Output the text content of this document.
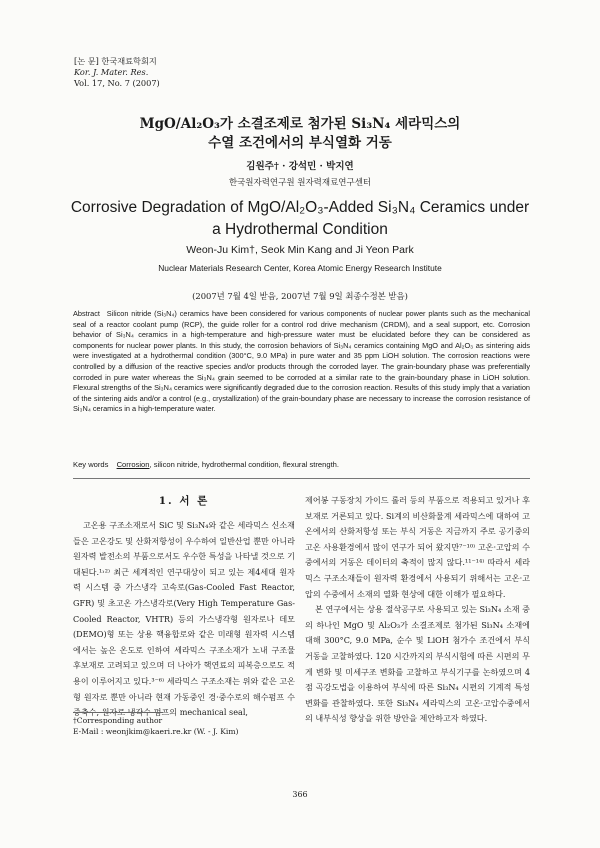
[논 문] 한국재료학회지
Kor. J. Mater. Res.
Vol. 17, No. 7 (2007)
MgO/Al₂O₃가 소결조제로 첨가된 Si₃N₄ 세라믹스의
수열 조건에서의 부식열화 거동
김원주† · 강석민 · 박지연
한국원자력연구원 원자력재료연구센터
Corrosive Degradation of MgO/Al₂O₃-Added Si₃N₄ Ceramics under
a Hydrothermal Condition
Weon-Ju Kim†, Seok Min Kang and Ji Yeon Park
Nuclear Materials Research Center, Korea Atomic Energy Research Institute
(2007년 7월 4일 받음, 2007년 7월 9일 최종수정본 받음)
Abstract Silicon nitride (Si₃N₄) ceramics have been considered for various components of nuclear power plants such as the mechanical seal of a reactor coolant pump (RCP), the guide roller for a control rod drive mechanism (CRDM), and a seal support, etc. Corrosion behavior of Si₃N₄ ceramics in a high-temperature and high-pressure water must be elucidated before they can be considered as components for nuclear power plants. In this study, the corrosion behaviors of Si₃N₄ ceramics containing MgO and Al₂O₃ as sintering aids were investigated at a hydrothermal condition (300°C, 9.0 MPa) in pure water and 35 ppm LiOH solution. The corrosion reactions were controlled by a diffusion of the reactive species and/or products through the corroded layer. The grain-boundary phase was preferentially corroded in pure water whereas the Si₃N₄ grain seemed to be corroded at a similar rate to the grain-boundary phase in LiOH solution. Flexural strengths of the Si₃N₄ ceramics were significantly degraded due to the corrosion reaction. Results of this study imply that a variation of the sintering aids and/or a control (e.g., crystallization) of the grain-boundary phase are necessary to increase the corrosion resistance of Si₃N₄ ceramics in a high-temperature water.
Key words Corrosion, silicon nitride, hydrothermal condition, flexural strength.
1. 서 론

고온용 구조소재로서 SiC 및 Si₃N₄와 같은 세라믹스 신소재들은 고온강도 및 산화저항성이 우수하여 일반산업 뿐만 아니라 원자력 발전소의 부품으로서도 우수한 특성을 나타낼 것으로 기대된다.¹˒²⁾ 최근 세계적인 연구대상이 되고 있는 제4세대 원자력 시스템 중 가스냉각 고속로(Gas-Cooled Fast Reactor, GFR) 및 초고온 가스냉각로(Very High Temperature Gas-Cooled Reactor, VHTR) 등의 가스냉각형 원자로나 데모 (DEMO)형 또는 상용 핵융합로와 같은 미래형 원자력 시스템에서는 높은 온도로 인하여 세라믹스 구조소재가 노내 구조물 후보재로 고려되고 있으며 더 나아가 핵연료의 피복층으로도 적용이 이루어지고 있다.³⁻⁶⁾ 세라믹스 구조소재는 위와 같은 고온형 원자로 뿐만 아니라 현재 가동중인 경·중수로의 해수펌프 수중축수, 원자로 냉각수 펌프의 mechanical seal,

제어봉 구동장치 가이드 롤러 등의 부품으로 적용되고 있거나 후보재로 거론되고 있다. Si계의 비산화물계 세라믹스에 대하여 고온에서의 산화저항성 또는 부식 거동은 지금까지 주로 공기중의 고온 사용환경에서 많이 연구가 되어 왔지만⁷⁻¹⁰⁾ 고온·고압의 수중에서의 거동은 데이터의 축적이 많지 않다.¹¹⁻¹⁴⁾ 따라서 세라믹스 구조소재들이 원자력 환경에서 사용되기 위해서는 고온·고압의 수중에서 소재의 열화 현상에 대한 이해가 필요하다.

본 연구에서는 상용 절삭공구로 사용되고 있는 Si₃N₄ 소재 중의 하나인 MgO 및 Al₂O₃가 소결조제로 첨가된 Si₃N₄ 소재에 대해 300°C, 9.0 MPa, 순수 및 LiOH 첨가수 조건에서 부식 거동을 고찰하였다. 120 시간까지의 부식시험에 따른 시편의 무게 변화 및 미세구조 변화를 고찰하고 부식기구를 논하였으며 4점 곡강도법을 이용하여 부식에 따른 Si₃N₄ 시편의 기계적 특성 변화를 관찰하였다. 또한 Si₃N₄ 세라믹스의 고온·고압수중에서의 내부식성 향상을 위한 방안을 제안하고자 하였다.

†Corresponding author
E-Mail : weonjkim@kaeri.re.kr (W. - J. Kim)
366
